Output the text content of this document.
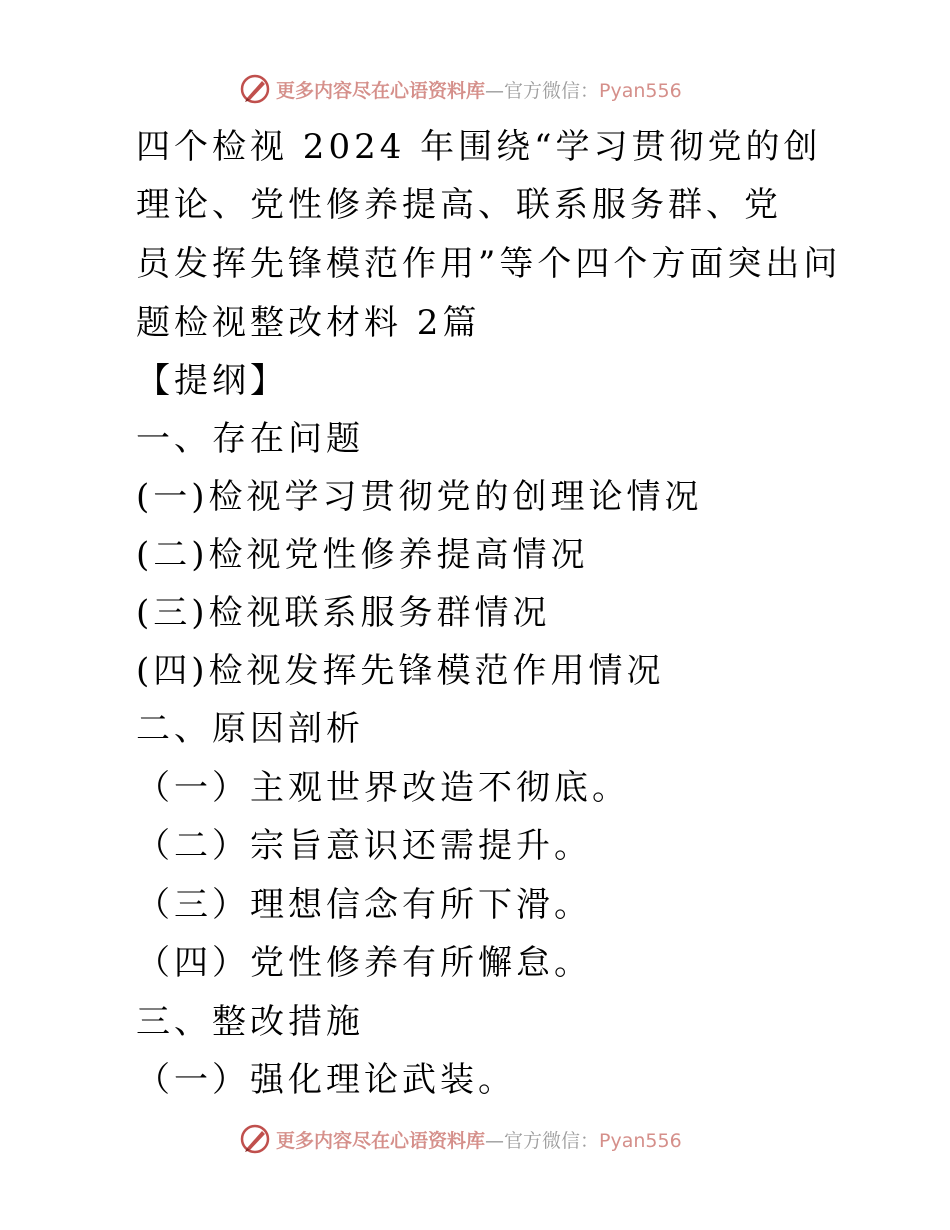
更多内容尽在心语资料库—官方微信：Pyan556
四个检视 2024 年围绕“学习贯彻党的创
理论、党性修养提高、联系服务群、党
员发挥先锋模范作用”等个四个方面突出问
题检视整改材料 2篇
【提纲】
一、存在问题
(一)检视学习贯彻党的创理论情况
(二)检视党性修养提高情况
(三)检视联系服务群情况
(四)检视发挥先锋模范作用情况
二、原因剖析
（一）主观世界改造不彻底。
（二）宗旨意识还需提升。
（三）理想信念有所下滑。
（四）党性修养有所懈怠。
三、整改措施
（一）强化理论武装。
更多内容尽在心语资料库—官方微信：Pyan556
